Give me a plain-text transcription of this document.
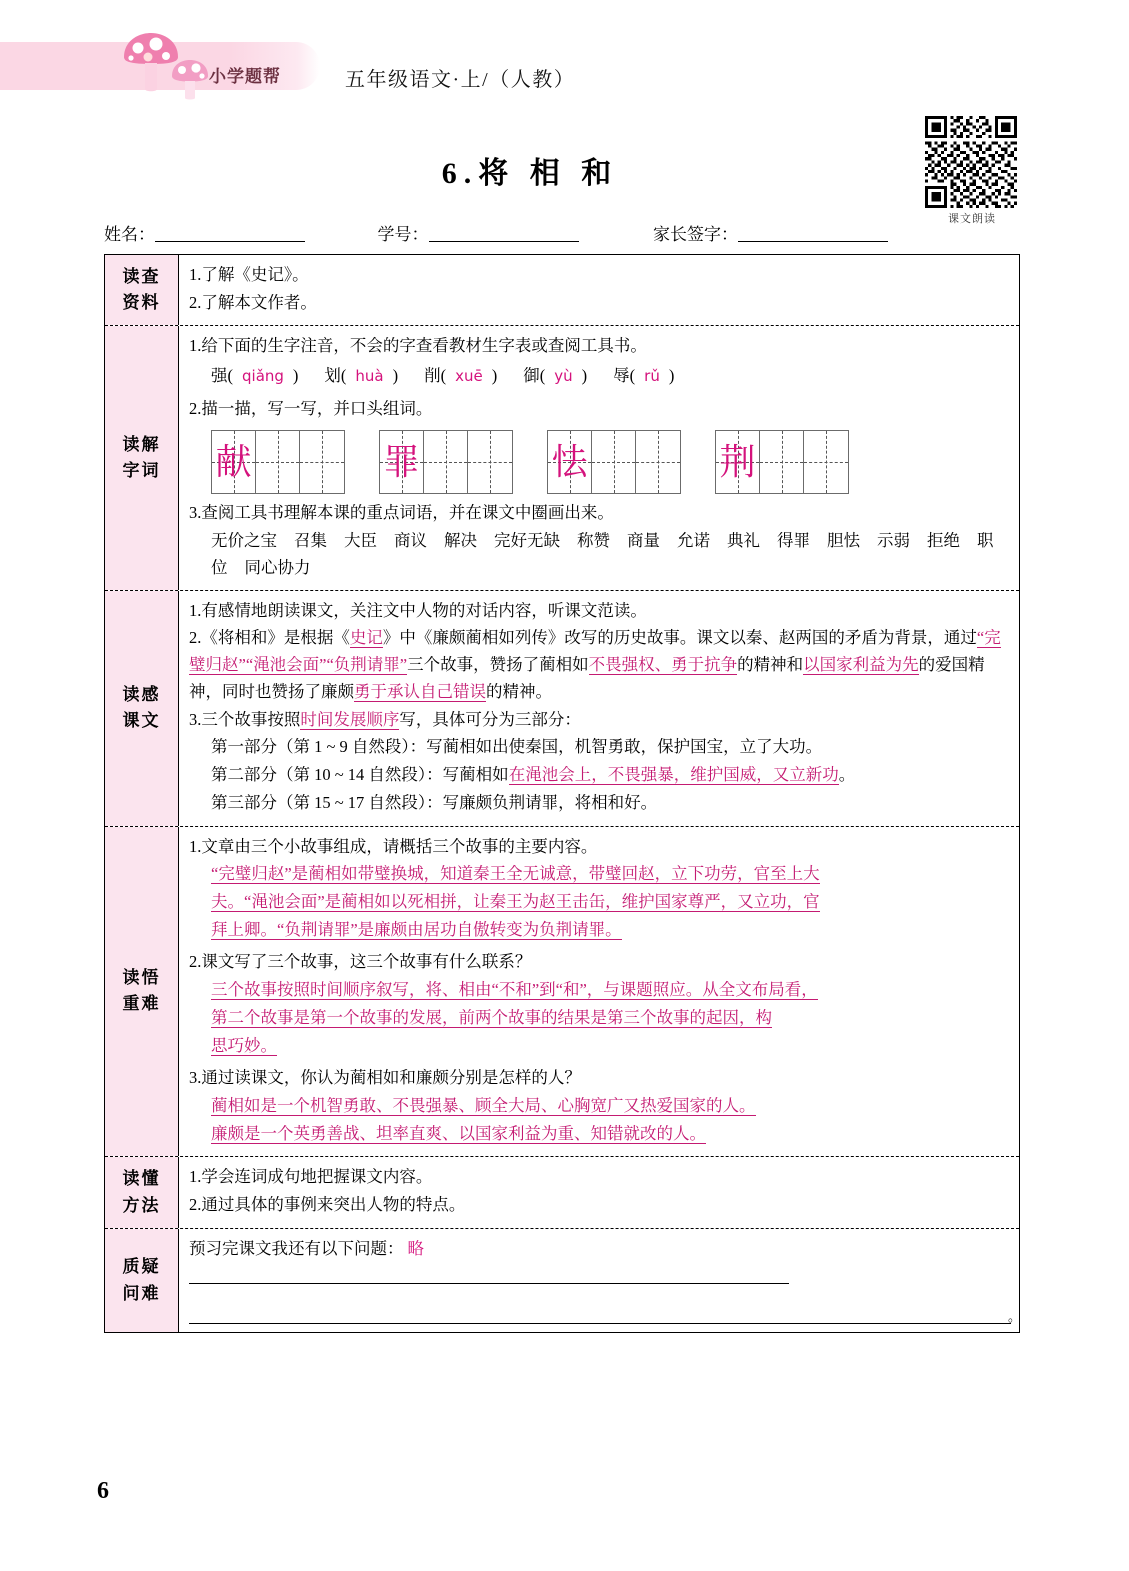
小学题帮	五年级语文·上/（人教）
6.将 相 和
课文朗读
姓名：	学号：	家长签字：
读查
资料

1.了解《史记》。

2.了解本文作者。

读解
字词

1.给下面的生字注音，不会的字查看教材生字表或查阅工具书。

强( qiǎng ) 划( huà ) 削( xuē ) 御( yù ) 辱( rǔ )

2.描一描，写一写，并口头组词。

献	罪	怯	荆

3.查阅工具书理解本课的重点词语，并在课文中圈画出来。

无价之宝 召集 大臣 商议 解决 完好无缺 称赞 商量 允诺 典礼 得罪 胆怯 示弱 拒绝 职位 同心协力
读感
课文

1.有感情地朗读课文，关注文中人物的对话内容，听课文范读。

2.《将相和》是根据《史记》中《廉颇蔺相如列传》改写的历史故事。课文以秦、赵两国的矛盾为背景，通过“完璧归赵”“渑池会面”“负荆请罪”三个故事，赞扬了蔺相如不畏强权、勇于抗争的精神和以国家利益为先的爱国精神，同时也赞扬了廉颇勇于承认自己错误的精神。

3.三个故事按照时间发展顺序写，具体可分为三部分：

第一部分（第 1 ~ 9 自然段）：写蔺相如出使秦国，机智勇敢，保护国宝，立了大功。

第二部分（第 10 ~ 14 自然段）：写蔺相如在渑池会上，不畏强暴，维护国威，又立新功。

第三部分（第 15 ~ 17 自然段）：写廉颇负荆请罪，将相和好。

读悟
重难

1.文章由三个小故事组成，请概括三个故事的主要内容。

“完璧归赵”是蔺相如带璧换城，知道秦王全无诚意，带璧回赵，立下功劳，官至上大

夫。“渑池会面”是蔺相如以死相拼，让秦王为赵王击缶，维护国家尊严，又立功，官

拜上卿。“负荆请罪”是廉颇由居功自傲转变为负荆请罪。

2.课文写了三个故事，这三个故事有什么联系？

三个故事按照时间顺序叙写，将、相由“不和”到“和”，与课题照应。从全文布局看，

第二个故事是第一个故事的发展，前两个故事的结果是第三个故事的起因，构

思巧妙。

3.通过读课文，你认为蔺相如和廉颇分别是怎样的人？

蔺相如是一个机智勇敢、不畏强暴、顾全大局、心胸宽广又热爱国家的人。

廉颇是一个英勇善战、坦率直爽、以国家利益为重、知错就改的人。

读懂
方法

1.学会连词成句地把握课文内容。

2.通过具体的事例来突出人物的特点。

质疑
问难

预习完课文我还有以下问题： 略

。
6
